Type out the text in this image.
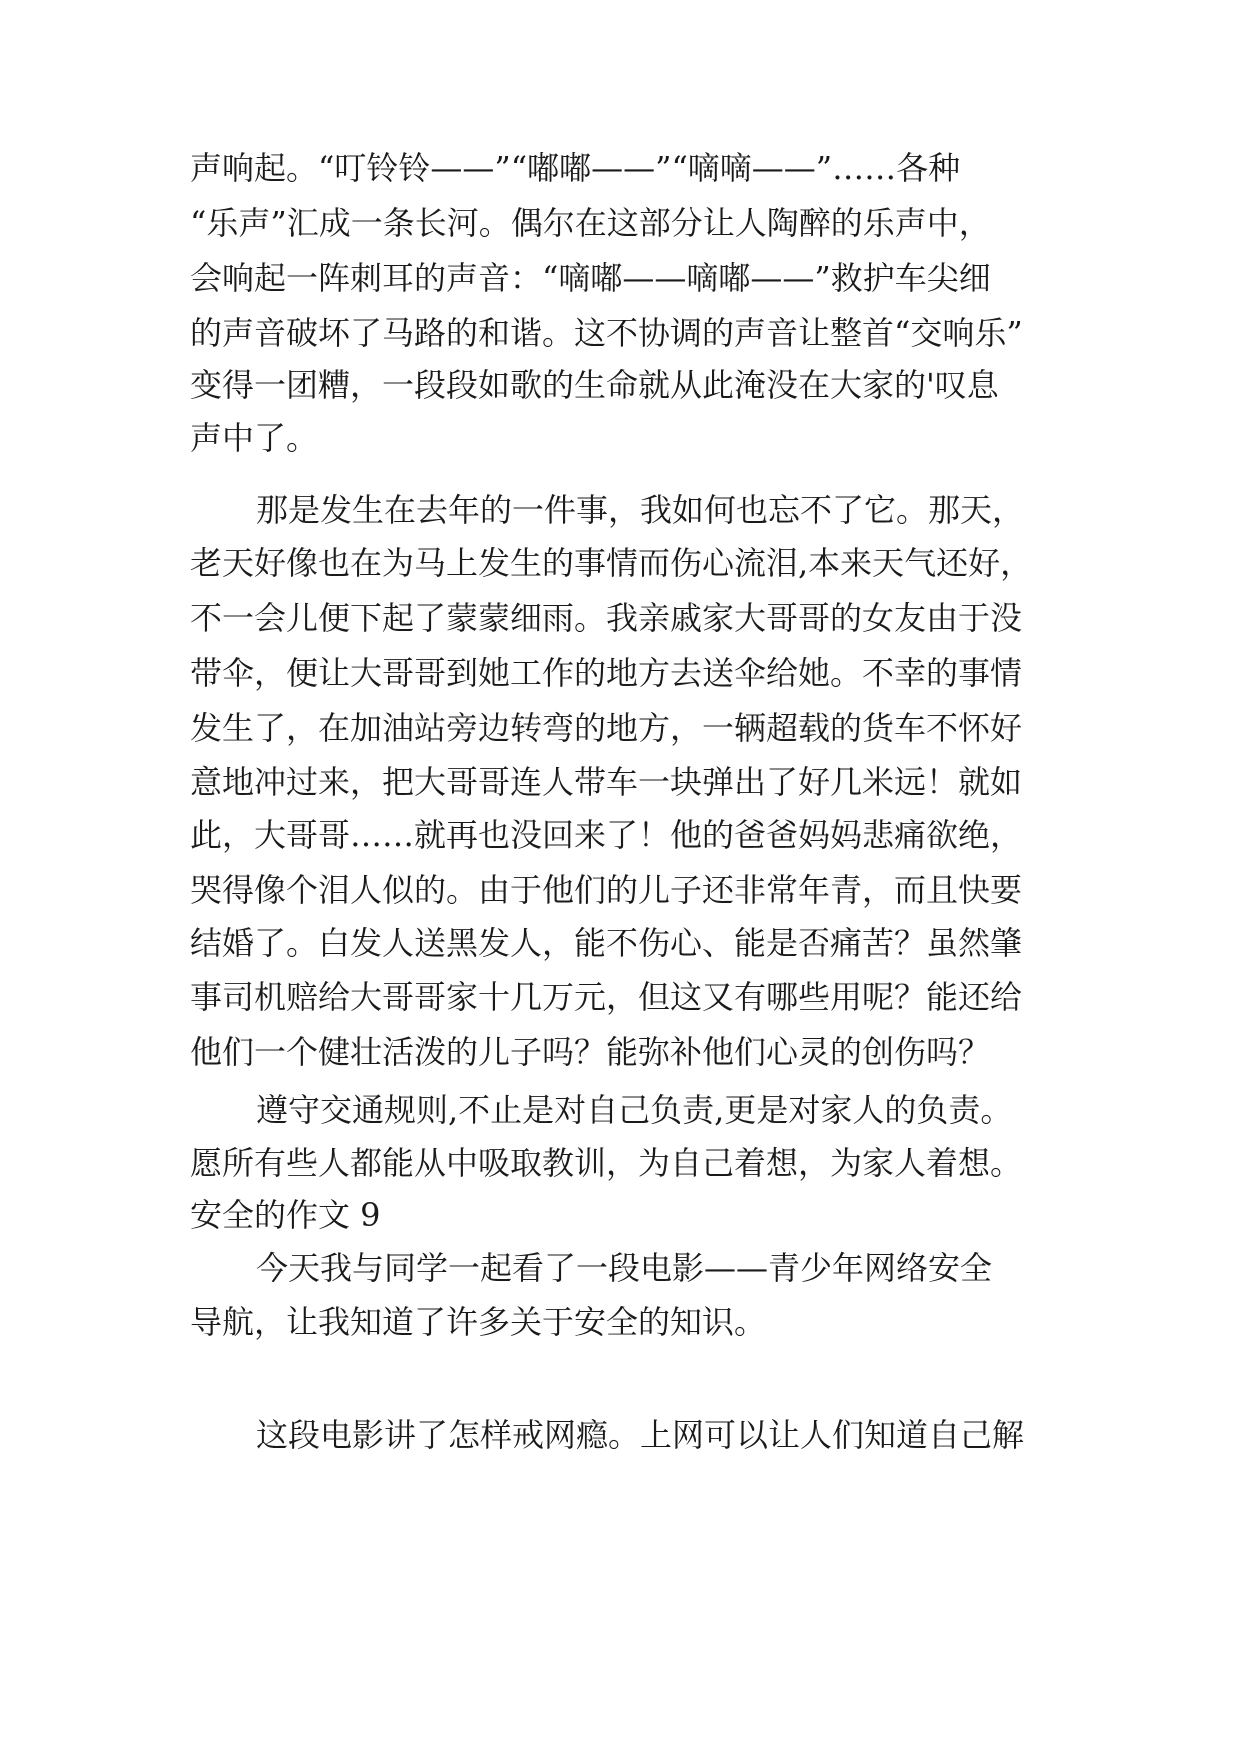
声响起。“叮铃铃——”“嘟嘟——”“嘀嘀——”……各种
“乐声”汇成一条长河。偶尔在这部分让人陶醉的乐声中，
会响起一阵刺耳的声音：“嘀嘟——嘀嘟——”救护车尖细
的声音破坏了马路的和谐。这不协调的声音让整首“交响乐”
变得一团糟，一段段如歌的生命就从此淹没在大家的'叹息
声中了。
那是发生在去年的一件事，我如何也忘不了它。那天，
老天好像也在为马上发生的事情而伤心流泪,本来天气还好，
不一会儿便下起了蒙蒙细雨。我亲戚家大哥哥的女友由于没
带伞，便让大哥哥到她工作的地方去送伞给她。不幸的事情
发生了，在加油站旁边转弯的地方，一辆超载的货车不怀好
意地冲过来，把大哥哥连人带车一块弹出了好几米远！就如
此，大哥哥……就再也没回来了！他的爸爸妈妈悲痛欲绝，
哭得像个泪人似的。由于他们的儿子还非常年青，而且快要
结婚了。白发人送黑发人，能不伤心、能是否痛苦？虽然肇
事司机赔给大哥哥家十几万元，但这又有哪些用呢？能还给
他们一个健壮活泼的儿子吗？能弥补他们心灵的创伤吗？
遵守交通规则,不止是对自己负责,更是对家人的负责。
愿所有些人都能从中吸取教训，为自己着想，为家人着想。
安全的作文 9
今天我与同学一起看了一段电影——青少年网络安全
导航，让我知道了许多关于安全的知识。
这段电影讲了怎样戒网瘾。上网可以让人们知道自己解
